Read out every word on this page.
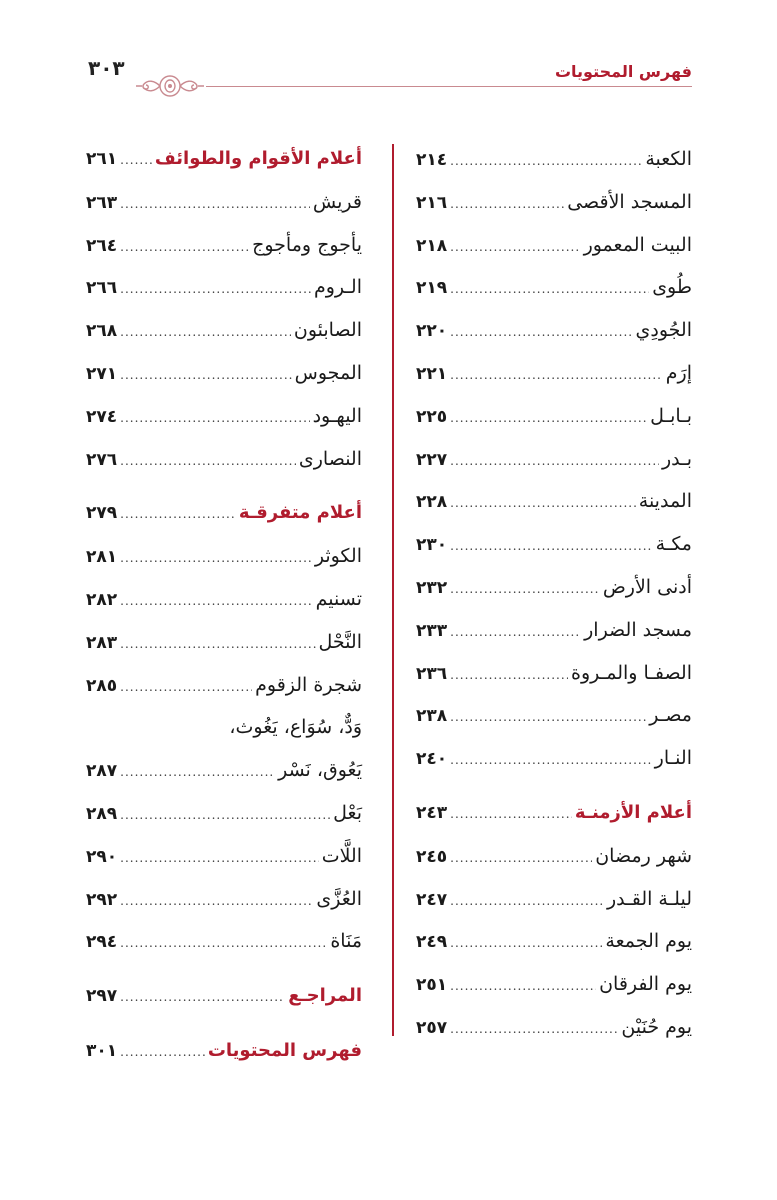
فهرس المحتويات
٣٠٣
الكعبة
.....
٢١٤
المسجد الأقصى
.....
٢١٦
البيت المعمور
.....
٢١٨
طُوى
.....
٢١٩
الجُودِي
.....
٢٢٠
إرَم
.....
٢٢١
بـابـل
.....
٢٢٥
بـدر
.....
٢٢٧
المدينة
.....
٢٢٨
مكـة
.....
٢٣٠
أدنى الأرض
.....
٢٣٢
مسجد الضرار
.....
٢٣٣
الصفـا والمـروة
.....
٢٣٦
مصـر
.....
٢٣٨
النـار
.....
٢٤٠
أعلام الأزمنـة
.....
٢٤٣
شهر رمضان
.....
٢٤٥
ليلـة القـدر
.....
٢٤٧
يوم الجمعة
.....
٢٤٩
يوم الفرقان
.....
٢٥١
يوم حُنَيْن
.....
٢٥٧
أعلام الأقوام والطوائف
.....
٢٦١
قريش
.....
٢٦٣
يأجوج ومأجوج
.....
٢٦٤
الـروم
.....
٢٦٦
الصابئون
.....
٢٦٨
المجوس
.....
٢٧١
اليهـود
.....
٢٧٤
النصارى
.....
٢٧٦
أعلام متفرقـة
.....
٢٧٩
الكوثر
.....
٢٨١
تسنيم
.....
٢٨٢
النَّحْل
.....
٢٨٣
شجرة الزقوم
.....
٢٨٥
وَدٌّ، سُوَاع، يَغُوث،
يَعُوق، نَسْر
.....
٢٨٧
بَعْل
.....
٢٨٩
اللَّات
.....
٢٩٠
العُزَّى
.....
٢٩٢
مَنَاة
.....
٢٩٤
المراجـع
.....
٢٩٧
فهرس المحتويات
.....
٣٠١
